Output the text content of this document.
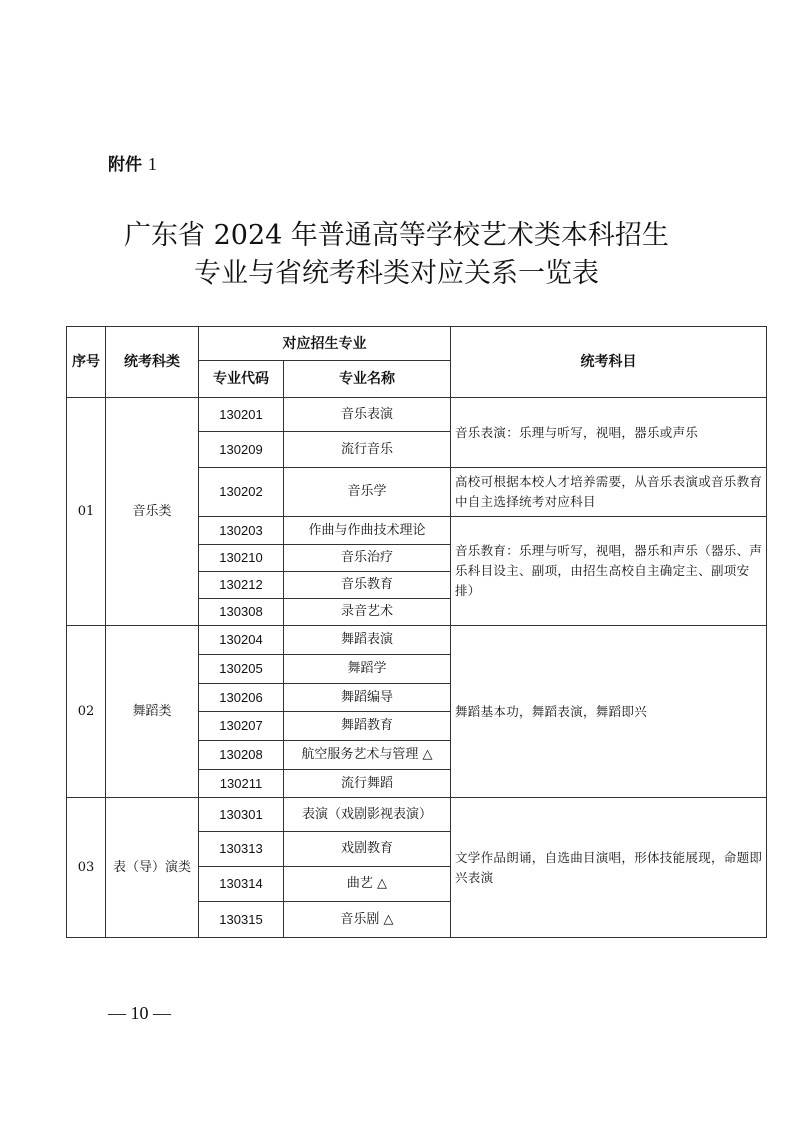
附件 1
广东省 2024 年普通高等学校艺术类本科招生
专业与省统考科类对应关系一览表
序号	统考科类	对应招生专业		统考科目
		专业代码	专业名称	
01	音乐类	130201	音乐表演	音乐表演：乐理与听写，视唱，器乐或声乐
		130209	流行音乐	
		130202	音乐学	高校可根据本校人才培养需要，从音乐表演或音乐教育中自主选择统考对应科目
		130203	作曲与作曲技术理论	音乐教育：乐理与听写，视唱，器乐和声乐（器乐、声乐科目设主、副项，由招生高校自主确定主、副项安排）
		130210	音乐治疗	
		130212	音乐教育	
		130308	录音艺术	
02	舞蹈类	130204	舞蹈表演	舞蹈基本功，舞蹈表演，舞蹈即兴
		130205	舞蹈学	
		130206	舞蹈编导	
		130207	舞蹈教育	
		130208	航空服务艺术与管理 △	
		130211	流行舞蹈	
03	表（导）演类	130301	表演（戏剧影视表演）	文学作品朗诵，自选曲目演唱，形体技能展现，命题即兴表演
		130313	戏剧教育	
		130314	曲艺 △	
		130315	音乐剧 △	
— 10 —
